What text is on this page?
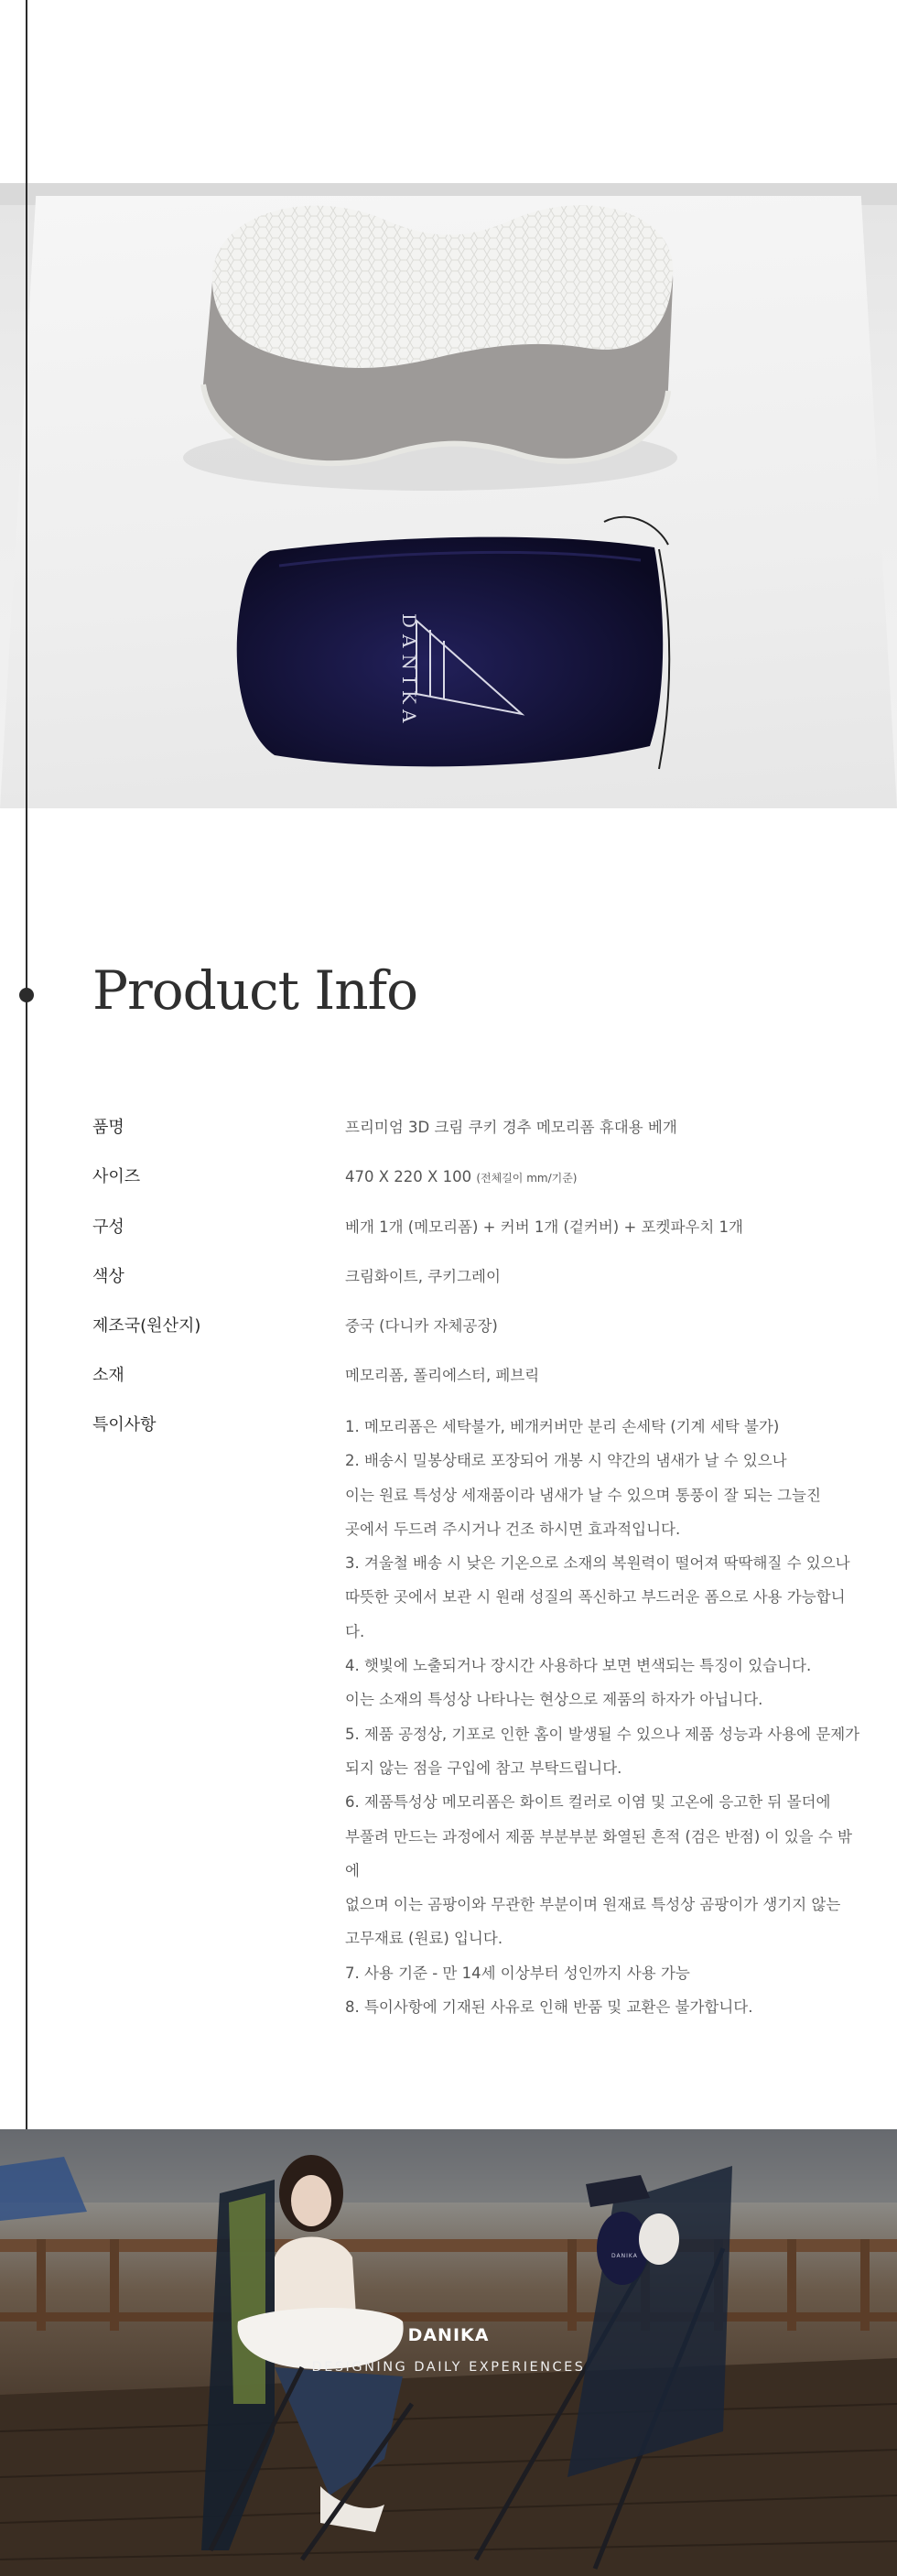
DANIKA
Product Info
품명	프리미엄 3D 크림 쿠키 경추 메모리폼 휴대용 베개
사이즈	470 X 220 X 100 (전체길이 mm/기준)
구성	베개 1개 (메모리폼) + 커버 1개 (겉커버) + 포켓파우치 1개
색상	크림화이트, 쿠키그레이
제조국(원산지)	중국 (다니카 자체공장)
소재	메모리폼, 폴리에스터, 페브릭
특이사항	1. 메모리폼은 세탁불가, 베개커버만 분리 손세탁 (기계 세탁 불가)
2. 배송시 밀봉상태로 포장되어 개봉 시 약간의 냄새가 날 수 있으나
이는 원료 특성상 세재품이라 냄새가 날 수 있으며 통풍이 잘 되는 그늘진
곳에서 두드려 주시거나 건조 하시면 효과적입니다.
3. 겨울철 배송 시 낮은 기온으로 소재의 복원력이 떨어져 딱딱해질 수 있으나
따뜻한 곳에서 보관 시 원래 성질의 폭신하고 부드러운 폼으로 사용 가능합니다.
4. 햇빛에 노출되거나 장시간 사용하다 보면 변색되는 특징이 있습니다.
이는 소재의 특성상 나타나는 현상으로 제품의 하자가 아닙니다.
5. 제품 공정상, 기포로 인한 홈이 발생될 수 있으나 제품 성능과 사용에 문제가
되지 않는 점을 구입에 참고 부탁드립니다.
6. 제품특성상 메모리폼은 화이트 컬러로 이염 및 고온에 응고한 뒤 몰더에
부풀려 만드는 과정에서 제품 부분부분 화열된 흔적 (검은 반점) 이 있을 수 밖에
없으며 이는 곰팡이와 무관한 부분이며 원재료 특성상 곰팡이가 생기지 않는
고무재료 (원료) 입니다.
7. 사용 기준 - 만 14세 이상부터 성인까지 사용 가능
8. 특이사항에 기재된 사유로 인해 반품 및 교환은 불가합니다.
DANIKA
DANIKA
DESIGNING DAILY EXPERIENCES
